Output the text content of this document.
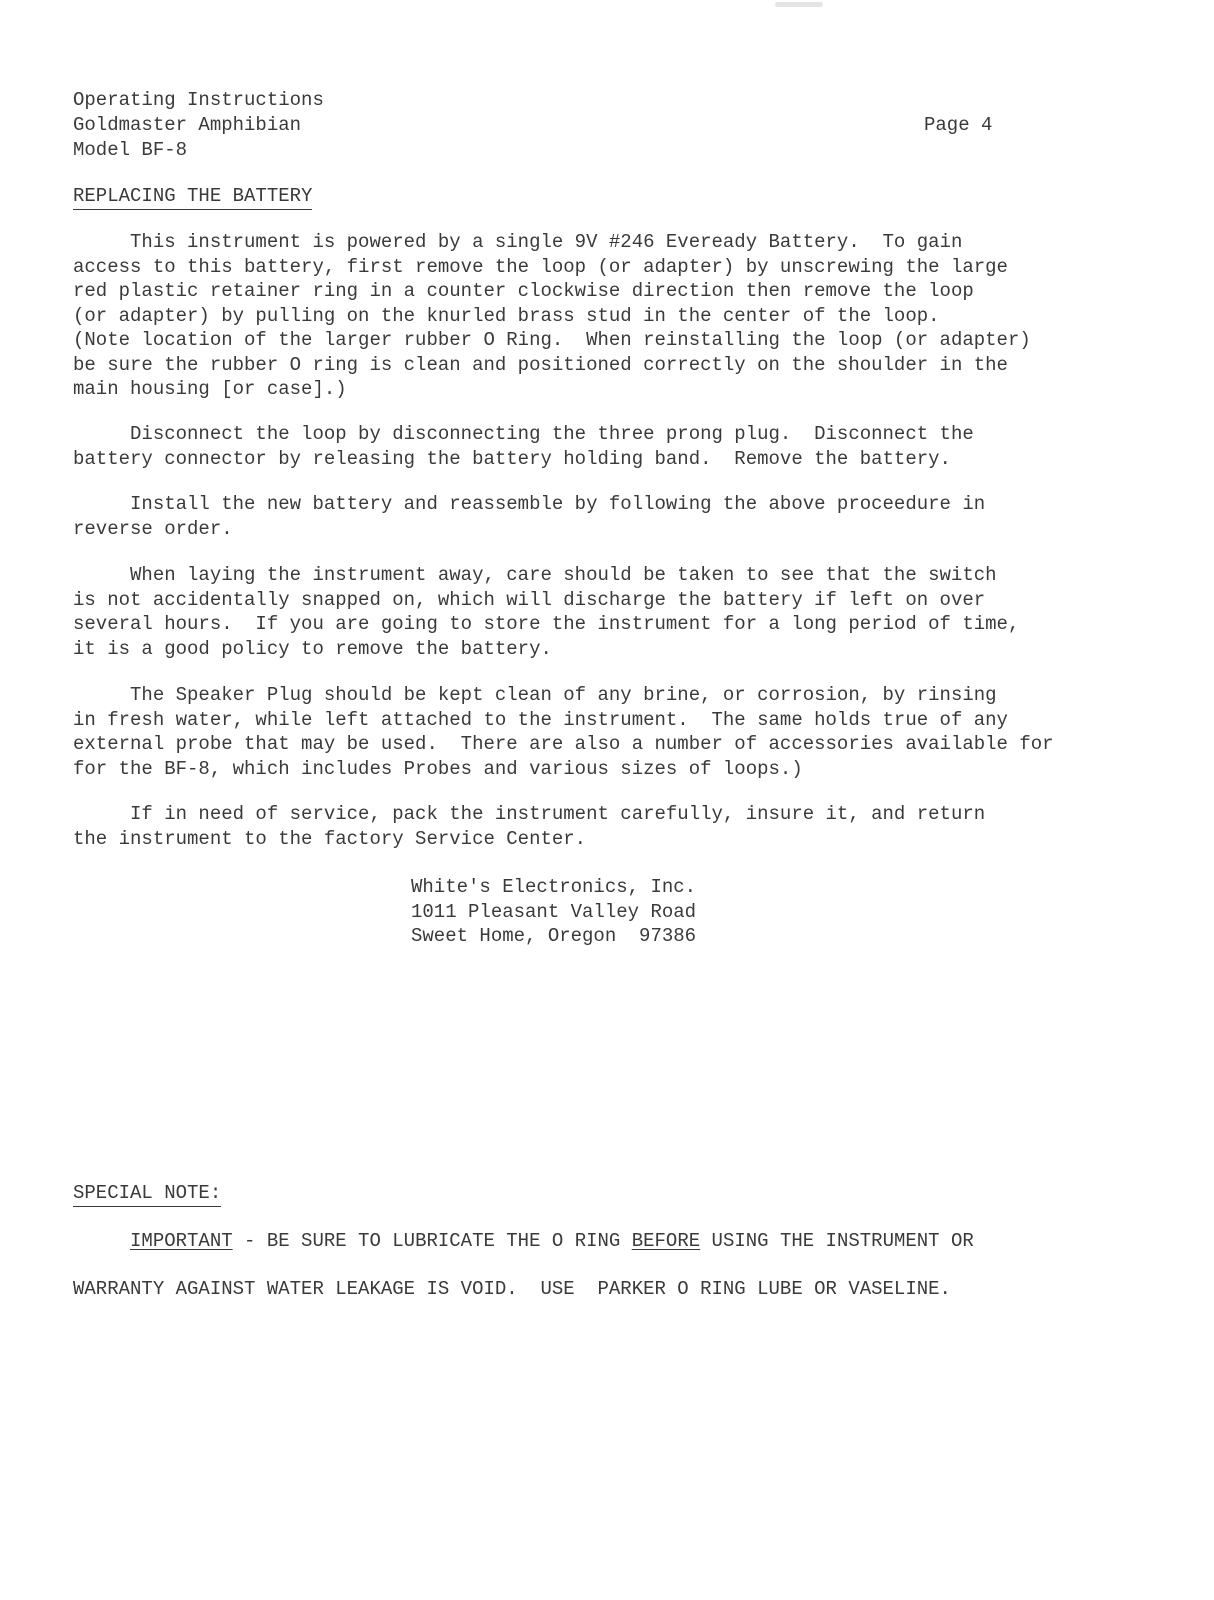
Operating Instructions
Goldmaster Amphibian
Model BF-8
Page 4
REPLACING THE BATTERY

This instrument is powered by a single 9V #246 Eveready Battery.  To gain
access to this battery, first remove the loop (or adapter) by unscrewing the large
red plastic retainer ring in a counter clockwise direction then remove the loop
(or adapter) by pulling on the knurled brass stud in the center of the loop.
(Note location of the larger rubber O Ring.  When reinstalling the loop (or adapter)
be sure the rubber O ring is clean and positioned correctly on the shoulder in the
main housing [or case].)

Disconnect the loop by disconnecting the three prong plug.  Disconnect the
battery connector by releasing the battery holding band.  Remove the battery.

Install the new battery and reassemble by following the above proceedure in
reverse order.

When laying the instrument away, care should be taken to see that the switch
is not accidentally snapped on, which will discharge the battery if left on over
several hours.  If you are going to store the instrument for a long period of time,
it is a good policy to remove the battery.

The Speaker Plug should be kept clean of any brine, or corrosion, by rinsing
in fresh water, while left attached to the instrument.  The same holds true of any
external probe that may be used.  There are also a number of accessories available for
for the BF-8, which includes Probes and various sizes of loops.)

If in need of service, pack the instrument carefully, insure it, and return
the instrument to the factory Service Center.

White's Electronics, Inc.
1011 Pleasant Valley Road
Sweet Home, Oregon  97386
SPECIAL NOTE:
IMPORTANT - BE SURE TO LUBRICATE THE O RING BEFORE USING THE INSTRUMENT OR
WARRANTY AGAINST WATER LEAKAGE IS VOID.  USE  PARKER O RING LUBE OR VASELINE.
